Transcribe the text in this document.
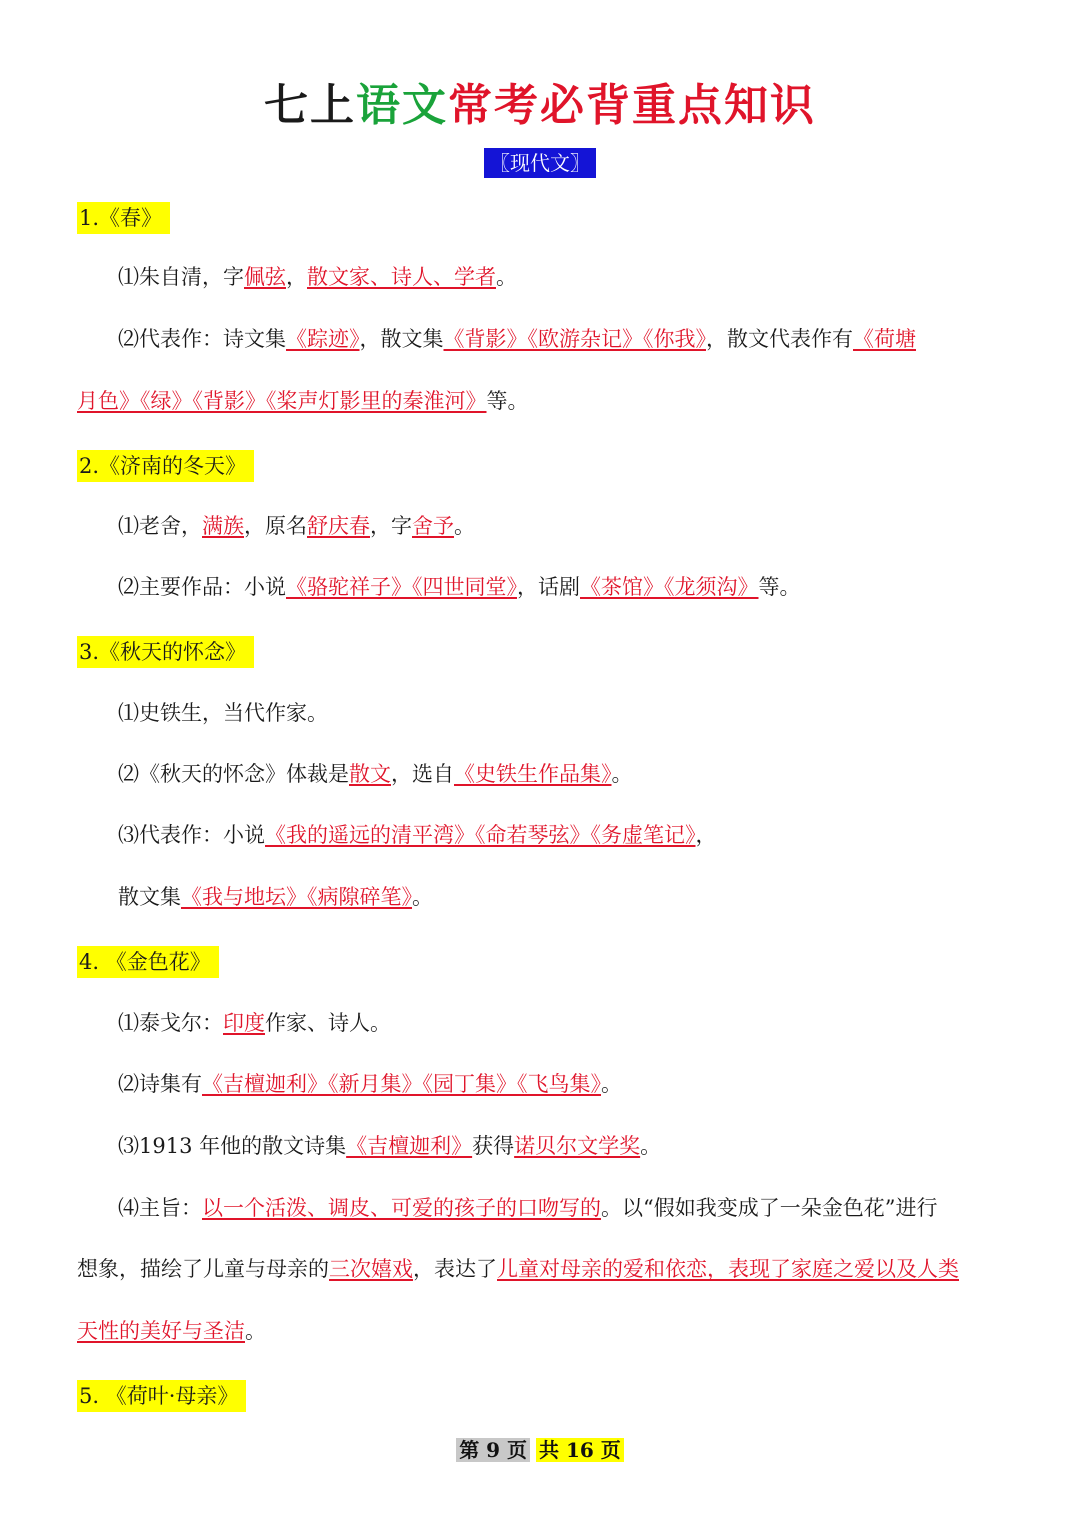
七上语文常考必背重点知识
〖现代文〗
1.《春》
⑴朱自清，字佩弦，散文家、诗人、学者。
⑵代表作：诗文集《踪迹》，散文集《背影》《欧游杂记》《你我》，散文代表作有《荷塘
月色》《绿》《背影》《桨声灯影里的秦淮河》等。
2.《济南的冬天》
⑴老舍，满族，原名舒庆春，字舍予。
⑵主要作品：小说《骆驼祥子》《四世同堂》，话剧《茶馆》《龙须沟》等。
3.《秋天的怀念》
⑴史铁生，当代作家。
⑵《秋天的怀念》体裁是散文，选自《史铁生作品集》。
⑶代表作：小说《我的遥远的清平湾》《命若琴弦》《务虚笔记》，
散文集《我与地坛》《病隙碎笔》。
4. 《金色花》
⑴泰戈尔：印度作家、诗人。
⑵诗集有《吉檀迦利》《新月集》《园丁集》《飞鸟集》。
⑶1913 年他的散文诗集《吉檀迦利》获得诺贝尔文学奖。
⑷主旨：以一个活泼、调皮、可爱的孩子的口吻写的。以“假如我变成了一朵金色花”进行
想象，描绘了儿童与母亲的三次嬉戏，表达了儿童对母亲的爱和依恋，表现了家庭之爱以及人类
天性的美好与圣洁。
5. 《荷叶·母亲》
第 9 页 共 16 页
